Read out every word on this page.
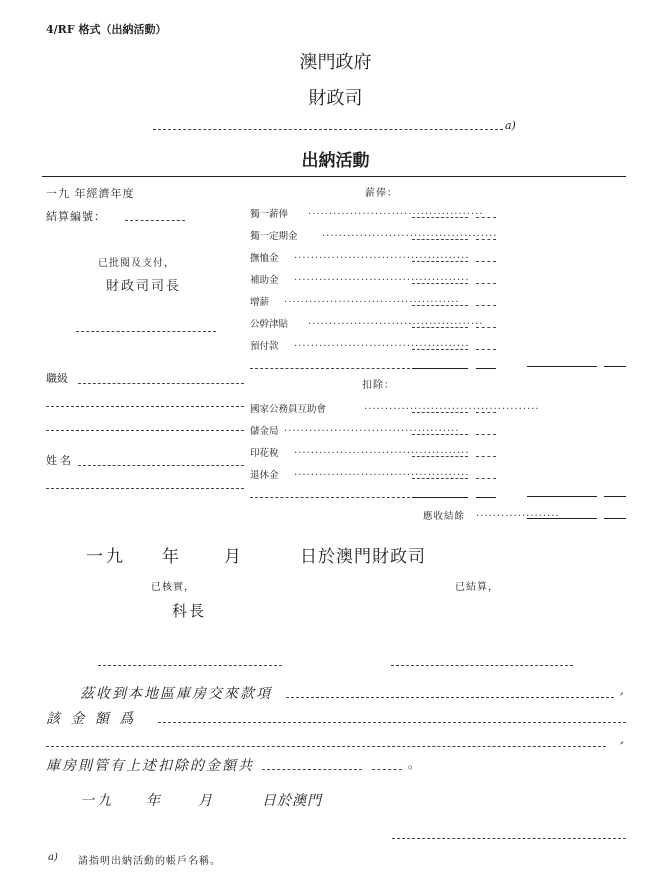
4/RF 格式（出納活動）
澳門政府
財政司
a)
出納活動
一九 年經濟年度
結算編號：
已批閱及支付，
財政司司長
職級
姓名
薪俸：
獨一薪俸 ..........................................
獨一定期金 ..........................................
撫恤金 ..........................................
補助金 ..........................................
增薪 ..........................................
公幹津貼 ..........................................
預付款 ..........................................
扣除：
國家公務員互助會	..........................................
儲金局 ..........................................
印花稅 ..........................................
退休金 ..........................................
應收結餘 ....................
一九 年	月	日於澳門財政司
已核實，
科長
已結算，
茲收到本地區庫房交來款項	,
該 金 額 爲
,
庫房則管有上述扣除的金額共	。
一九 年	月	日於澳門
a) 請指明出納活動的帳戶名稱。
